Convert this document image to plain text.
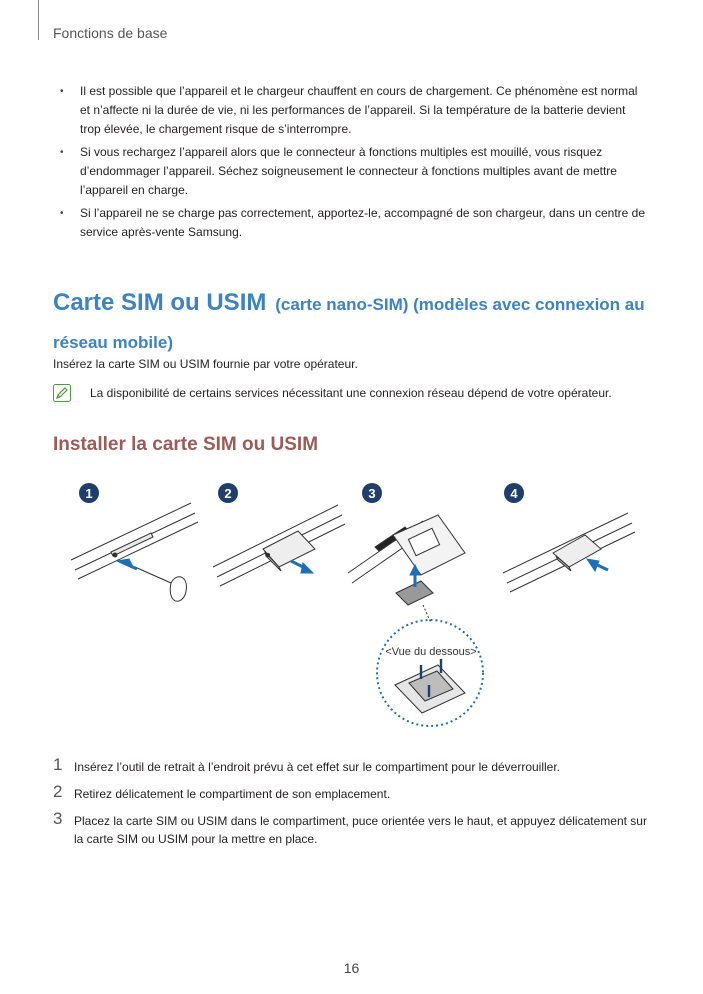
Fonctions de base
• Il est possible que l’appareil et le chargeur chauffent en cours de chargement. Ce phénomène est normal et n’affecte ni la durée de vie, ni les performances de l’appareil. Si la température de la batterie devient trop élevée, le chargement risque de s’interrompre.
• Si vous rechargez l’appareil alors que le connecteur à fonctions multiples est mouillé, vous risquez d’endommager l’appareil. Séchez soigneusement le connecteur à fonctions multiples avant de mettre l’appareil en charge.
• Si l’appareil ne se charge pas correctement, apportez-le, accompagné de son chargeur, dans un centre de service après-vente Samsung.
Carte SIM ou USIM (carte nano-SIM) (modèles avec connexion au réseau mobile)
Insérez la carte SIM ou USIM fournie par votre opérateur.
La disponibilité de certains services nécessitant une connexion réseau dépend de votre opérateur.
Installer la carte SIM ou USIM
1	2	3	4
<Vue du dessous>
1 Insérez l’outil de retrait à l’endroit prévu à cet effet sur le compartiment pour le déverrouiller.
2 Retirez délicatement le compartiment de son emplacement.
3 Placez la carte SIM ou USIM dans le compartiment, puce orientée vers le haut, et appuyez délicatement sur la carte SIM ou USIM pour la mettre en place.
16
